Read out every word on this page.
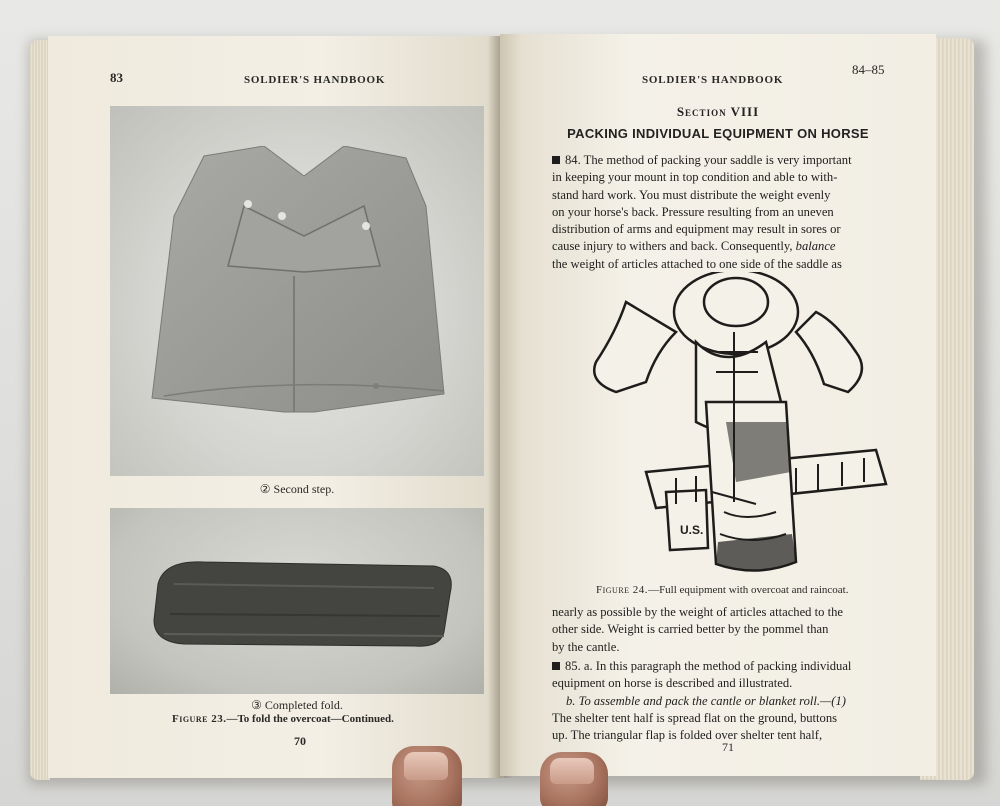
83	SOLDIER'S HANDBOOK
② Second step.
③ Completed fold.
Figure 23.—To fold the overcoat—Continued.
70
SOLDIER'S HANDBOOK
84–85
Section VIII
PACKING INDIVIDUAL EQUIPMENT ON HORSE
84. The method of packing your saddle is very important
in keeping your mount in top condition and able to with-
stand hard work. You must distribute the weight evenly
on your horse's back. Pressure resulting from an uneven
distribution of arms and equipment may result in sores or
cause injury to withers and back. Consequently, balance
the weight of articles attached to one side of the saddle as
U.S.
Figure 24.—Full equipment with overcoat and raincoat.
nearly as possible by the weight of articles attached to the
other side. Weight is carried better by the pommel than
by the cantle.
85. a. In this paragraph the method of packing individual
equipment on horse is described and illustrated.
b. To assemble and pack the cantle or blanket roll.—(1)
The shelter tent half is spread flat on the ground, buttons
up. The triangular flap is folded over shelter tent half,
71
